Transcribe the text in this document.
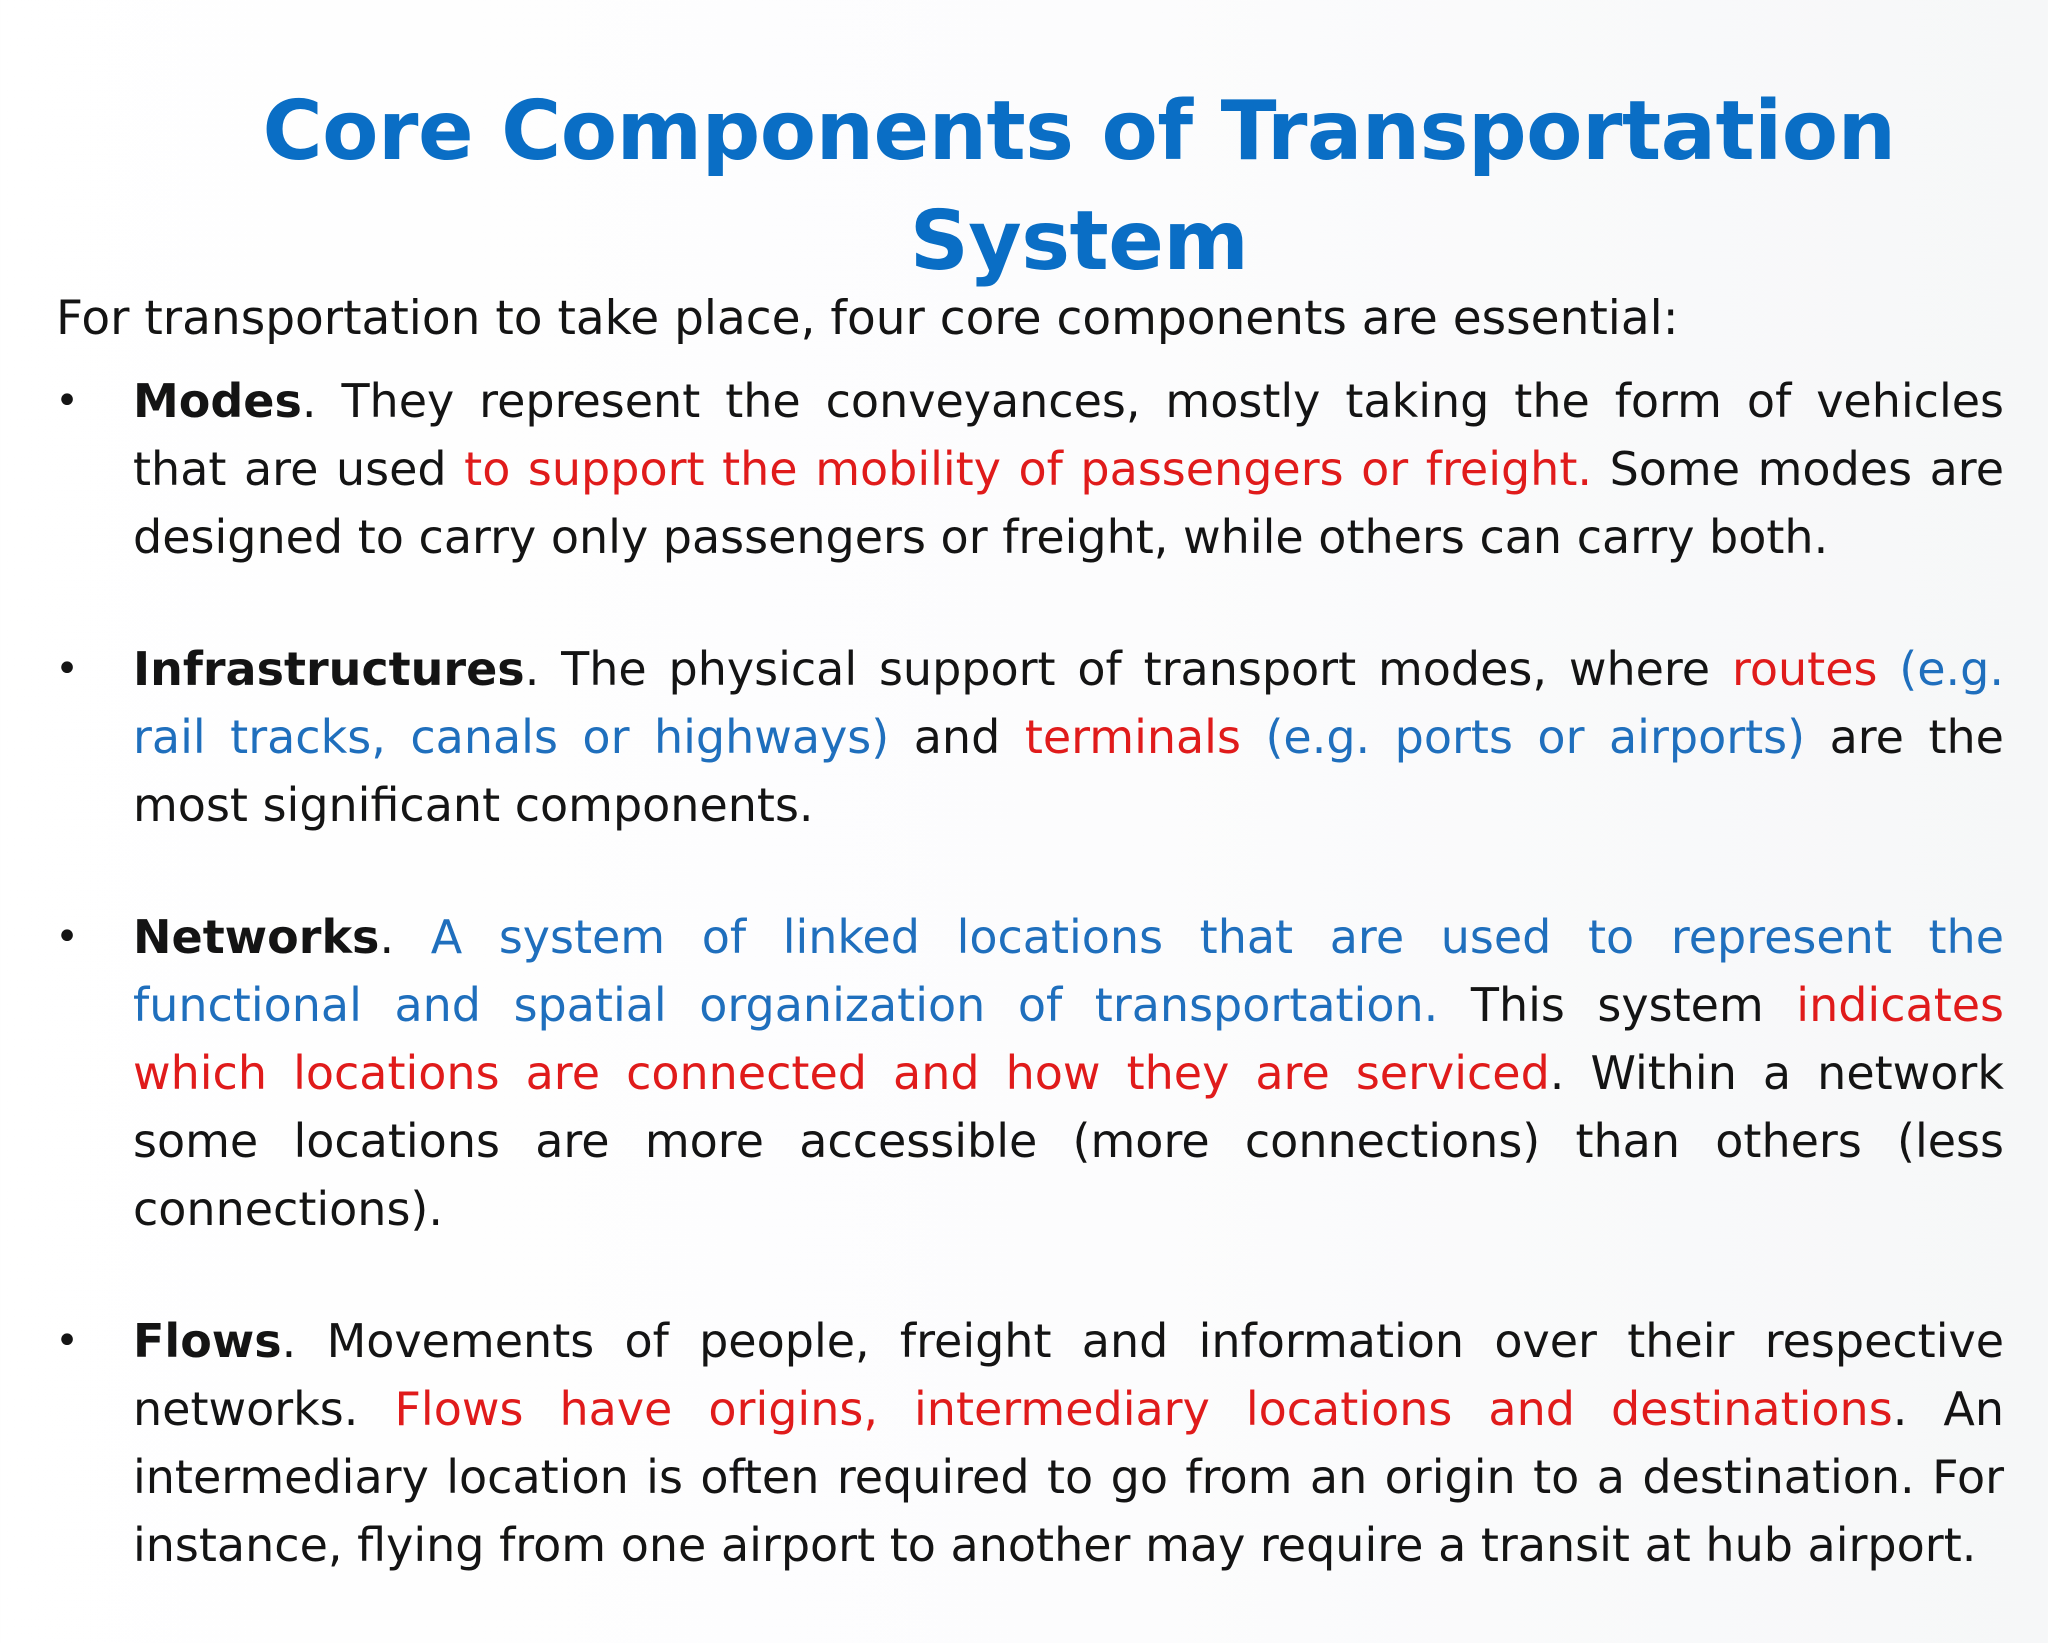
Core Components of Transportation System

For transportation to take place, four core components are essential:

• Modes. They represent the conveyances, mostly taking the form of vehicles that are used to support the mobility of passengers or freight. Some modes are designed to carry only passengers or freight, while others can carry both.
• Infrastructures. The physical support of transport modes, where routes (e.g. rail tracks, canals or highways) and terminals (e.g. ports or airports) are the most significant components.
• Networks. A system of linked locations that are used to represent the functional and spatial organization of transportation. This system indicates which locations are connected and how they are serviced. Within a network some locations are more accessible (more connections) than others (less connections).
• Flows. Movements of people, freight and information over their respective networks. Flows have origins, intermediary locations and destinations. An intermediary location is often required to go from an origin to a destination. For instance, flying from one airport to another may require a transit at hub airport.
